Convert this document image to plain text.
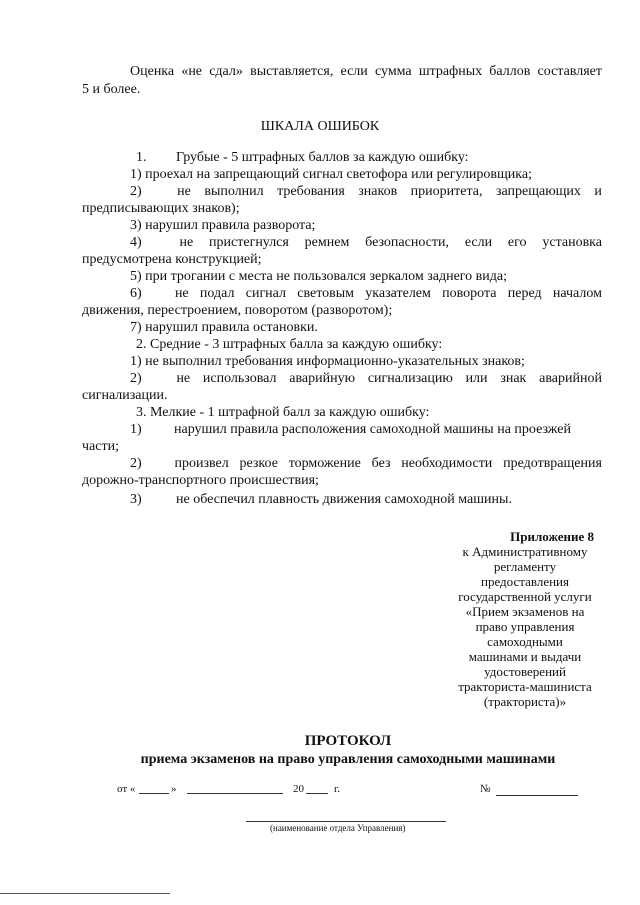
Оценка «не сдал» выставляется, если сумма штрафных баллов составляет
5 и более.
ШКАЛА ОШИБОК
1. Грубые - 5 штрафных баллов за каждую ошибку:
1) проехал на запрещающий сигнал светофора или регулировщика;
2)	не выполнил требования знаков приоритета, запрещающих и
предписывающих знаков);
3) нарушил правила разворота;
4)	не пристегнулся ремнем безопасности, если его установка
предусмотрена конструкцией;
5) при трогании с места не пользовался зеркалом заднего вида;
6) не подал сигнал световым указателем поворота перед началом
движения, перестроением, поворотом (разворотом);
7) нарушил правила остановки.
2. Средние - 3 штрафных балла за каждую ошибку:
1) не выполнил требования информационно-указательных знаков;
2) не использовал аварийную сигнализацию или знак аварийной
сигнализации.
3. Мелкие - 1 штрафной балл за каждую ошибку:
1) нарушил правила расположения самоходной машины на проезжей
части;
2) произвел резкое торможение без необходимости предотвращения
дорожно-транспортного происшествия;
3) не обеспечил плавность движения самоходной машины.
Приложение 8
к Административному
регламенту
предоставления
государственной услуги
«Прием экзаменов на
право управления
самоходными
машинами и выдачи
удостоверений
тракториста-машиниста
(тракториста)»
ПРОТОКОЛ
приема экзаменов на право управления самоходными машинами
от «	»	20	г.	№
(наименование отдела Управления)
